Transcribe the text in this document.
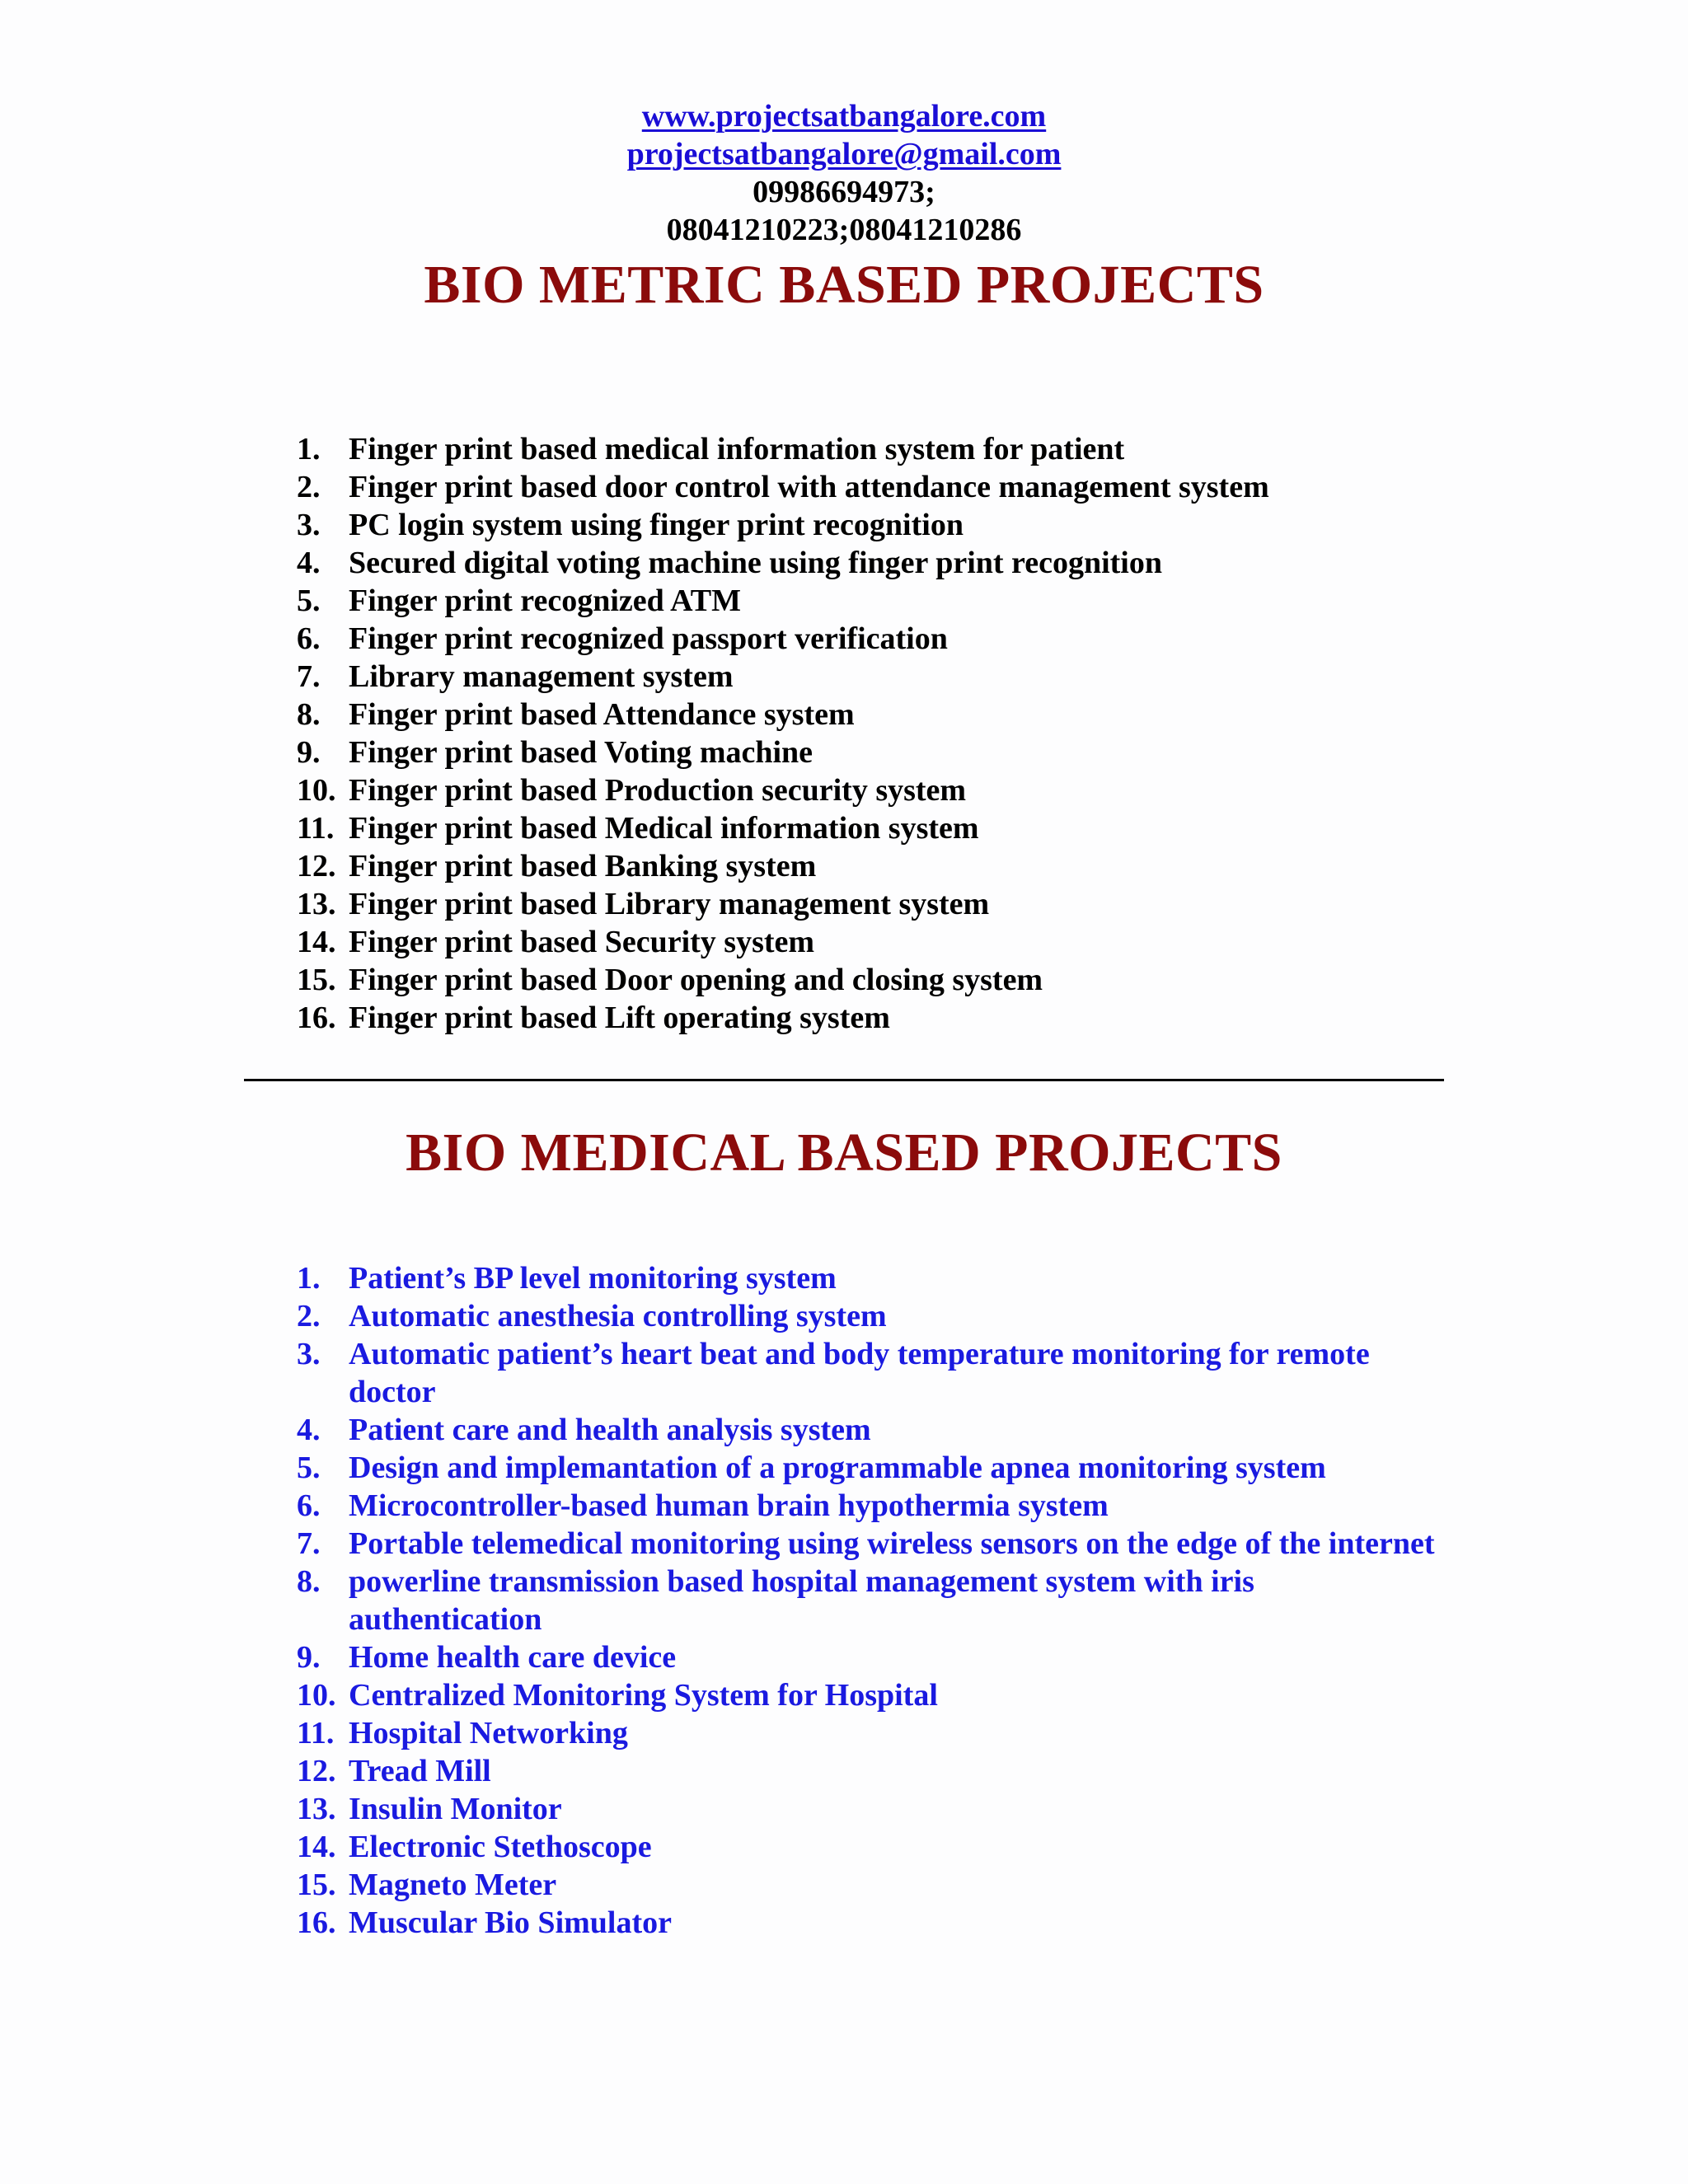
www.projectsatbangalore.com
projectsatbangalore@gmail.com
09986694973;
08041210223;08041210286
BIO METRIC BASED PROJECTS
1. Finger print based medical information system for patient
2. Finger print based door control with attendance management system
3. PC login system using finger print recognition
4. Secured digital voting machine using finger print recognition
5. Finger print recognized ATM
6. Finger print recognized passport verification
7. Library management system
8. Finger print based Attendance system
9. Finger print based Voting machine
10. Finger print based Production security system
11. Finger print based Medical information system
12. Finger print based Banking system
13. Finger print based Library management system
14. Finger print based Security system
15. Finger print based Door opening and closing system
16. Finger print based Lift operating system
BIO MEDICAL BASED PROJECTS
1. Patient’s BP level monitoring system
2. Automatic anesthesia controlling system
3. Automatic patient’s heart beat and body temperature monitoring for remote doctor
4. Patient care and health analysis system
5. Design and implemantation of a programmable apnea monitoring system
6. Microcontroller-based human brain hypothermia system
7. Portable telemedical monitoring using wireless sensors on the edge of the internet
8. powerline transmission based hospital management system with iris authentication
9. Home health care device
10. Centralized Monitoring System for Hospital
11. Hospital Networking
12. Tread Mill
13. Insulin Monitor
14. Electronic Stethoscope
15. Magneto Meter
16. Muscular Bio Simulator
